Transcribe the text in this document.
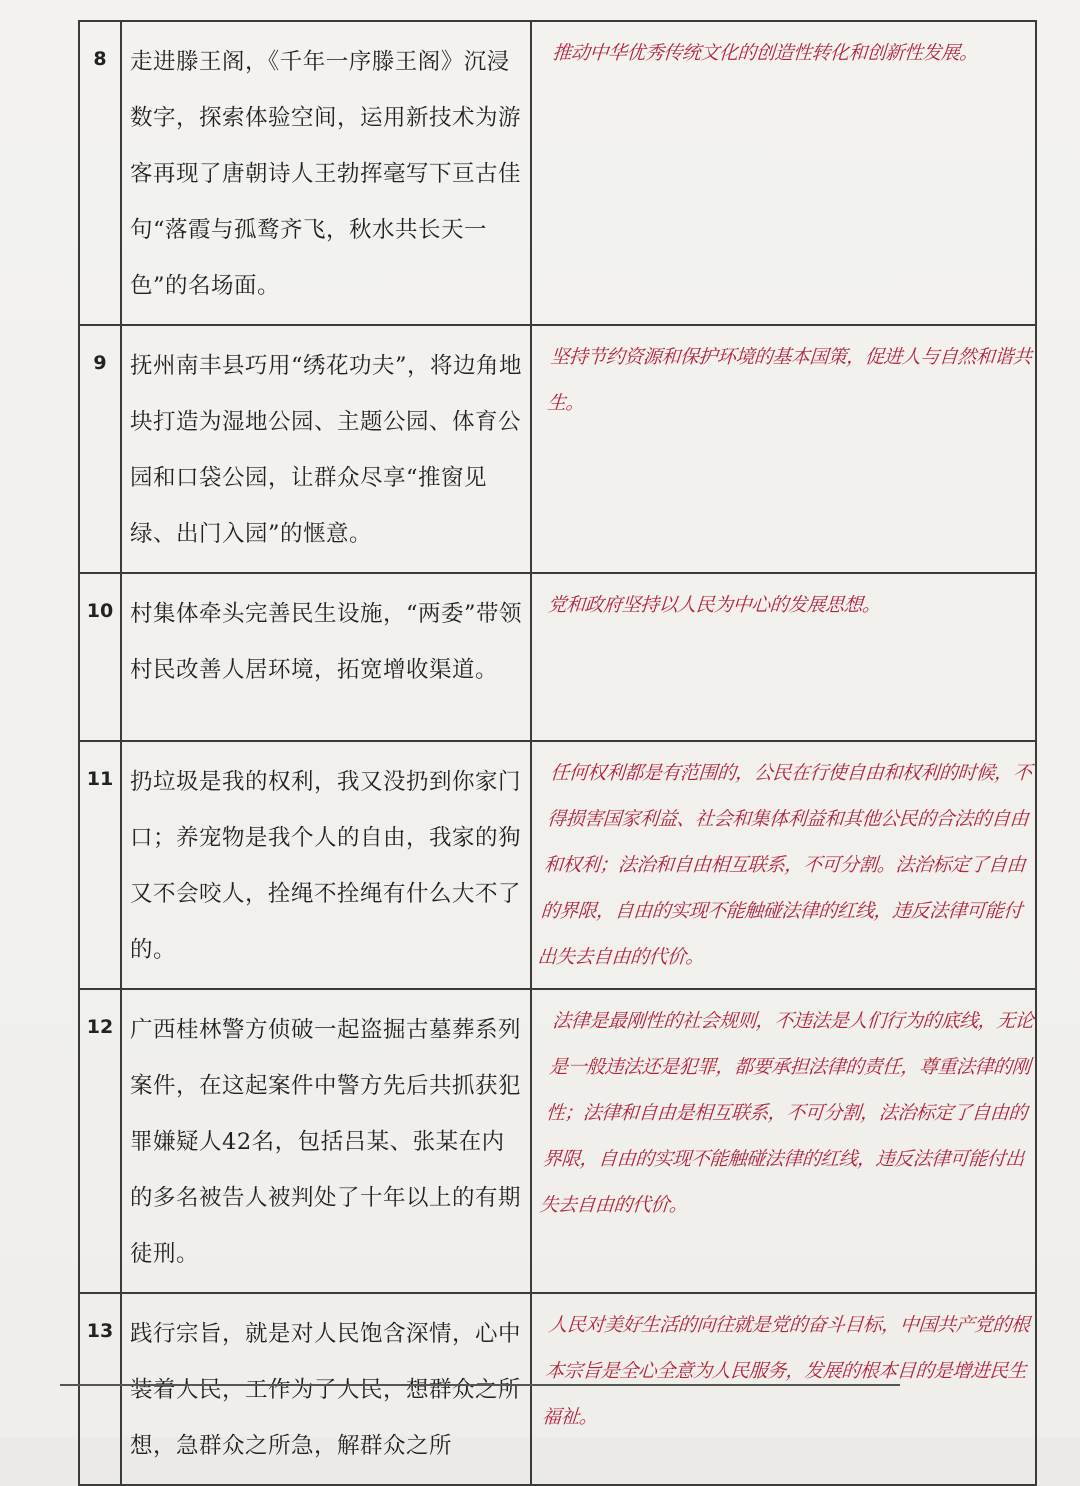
8	走进滕王阁，《千年一序滕王阁》沉浸数字，探索体验空间，运用新技术为游客再现了唐朝诗人王勃挥毫写下亘古佳句“落霞与孤鹜齐飞，秋水共长天一色”的名场面。	推动中华优秀传统文化的创造性转化和创新性发展。
9	抚州南丰县巧用“绣花功夫”，将边角地块打造为湿地公园、主题公园、体育公园和口袋公园，让群众尽享“推窗见绿、出门入园”的惬意。	坚持节约资源和保护环境的基本国策，促进人与自然和谐共生。
10	村集体牵头完善民生设施，“两委”带领村民改善人居环境，拓宽增收渠道。	党和政府坚持以人民为中心的发展思想。
11	扔垃圾是我的权利，我又没扔到你家门口；养宠物是我个人的自由，我家的狗又不会咬人，拴绳不拴绳有什么大不了的。	任何权利都是有范围的，公民在行使自由和权利的时候，不得损害国家利益、社会和集体利益和其他公民的合法的自由和权利；法治和自由相互联系，不可分割。法治标定了自由的界限，自由的实现不能触碰法律的红线，违反法律可能付出失去自由的代价。
12	广西桂林警方侦破一起盗掘古墓葬系列案件，在这起案件中警方先后共抓获犯罪嫌疑人42名，包括吕某、张某在内的多名被告人被判处了十年以上的有期徒刑。	法律是最刚性的社会规则，不违法是人们行为的底线，无论是一般违法还是犯罪，都要承担法律的责任，尊重法律的刚性；法律和自由是相互联系，不可分割，法治标定了自由的界限，自由的实现不能触碰法律的红线，违反法律可能付出失去自由的代价。
13	践行宗旨，就是对人民饱含深情，心中装着人民，工作为了人民，想群众之所想，急群众之所急，解群众之所	人民对美好生活的向往就是党的奋斗目标，中国共产党的根本宗旨是全心全意为人民服务，发展的根本目的是增进民生福祉。
